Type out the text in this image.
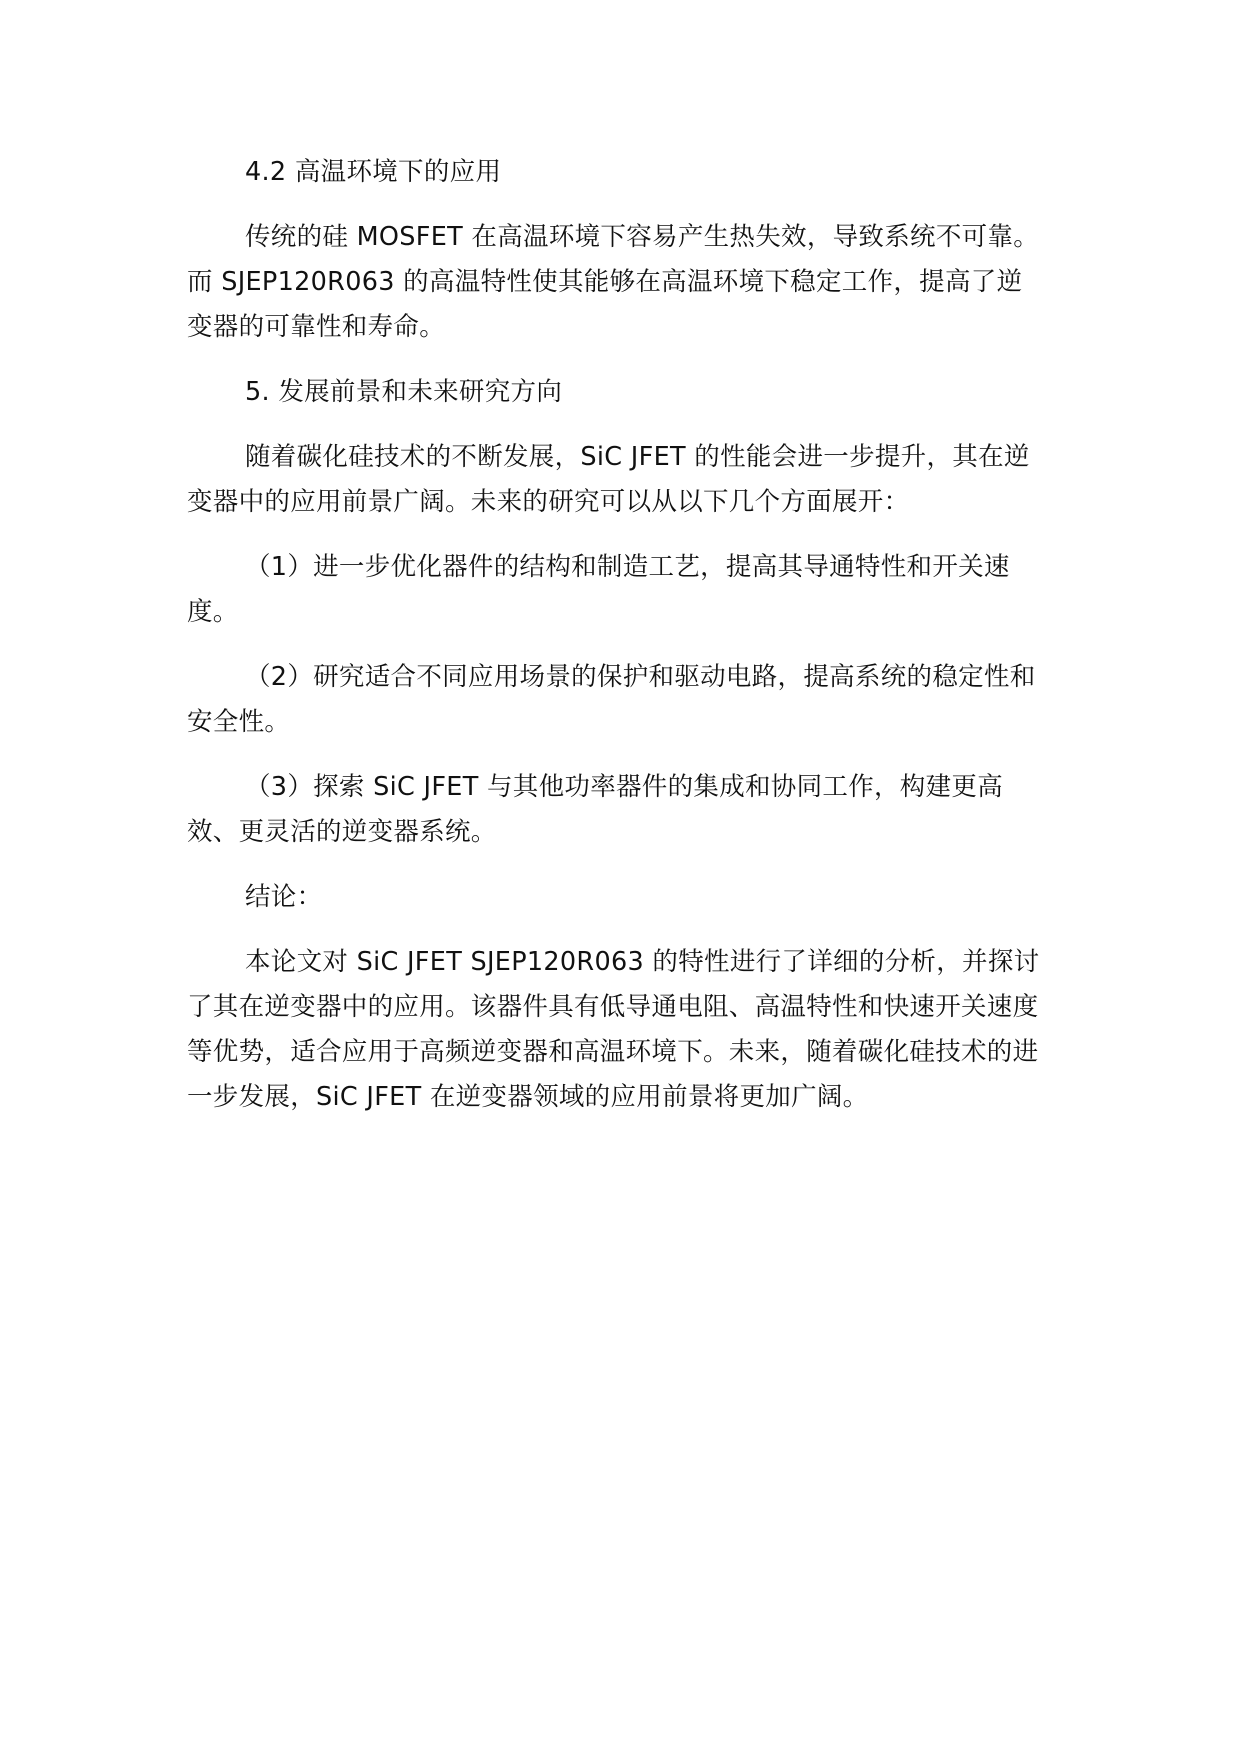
4.2 高温环境下的应用

传统的硅 MOSFET 在高温环境下容易产生热失效，导致系统不可靠。而 SJEP120R063 的高温特性使其能够在高温环境下稳定工作，提高了逆变器的可靠性和寿命。

5. 发展前景和未来研究方向

随着碳化硅技术的不断发展，SiC JFET 的性能会进一步提升，其在逆变器中的应用前景广阔。未来的研究可以从以下几个方面展开：

（1）进一步优化器件的结构和制造工艺，提高其导通特性和开关速度。

（2）研究适合不同应用场景的保护和驱动电路，提高系统的稳定性和安全性。

（3）探索 SiC JFET 与其他功率器件的集成和协同工作，构建更高效、更灵活的逆变器系统。

结论：

本论文对 SiC JFET SJEP120R063 的特性进行了详细的分析，并探讨了其在逆变器中的应用。该器件具有低导通电阻、高温特性和快速开关速度等优势，适合应用于高频逆变器和高温环境下。未来，随着碳化硅技术的进一步发展，SiC JFET 在逆变器领域的应用前景将更加广阔。
